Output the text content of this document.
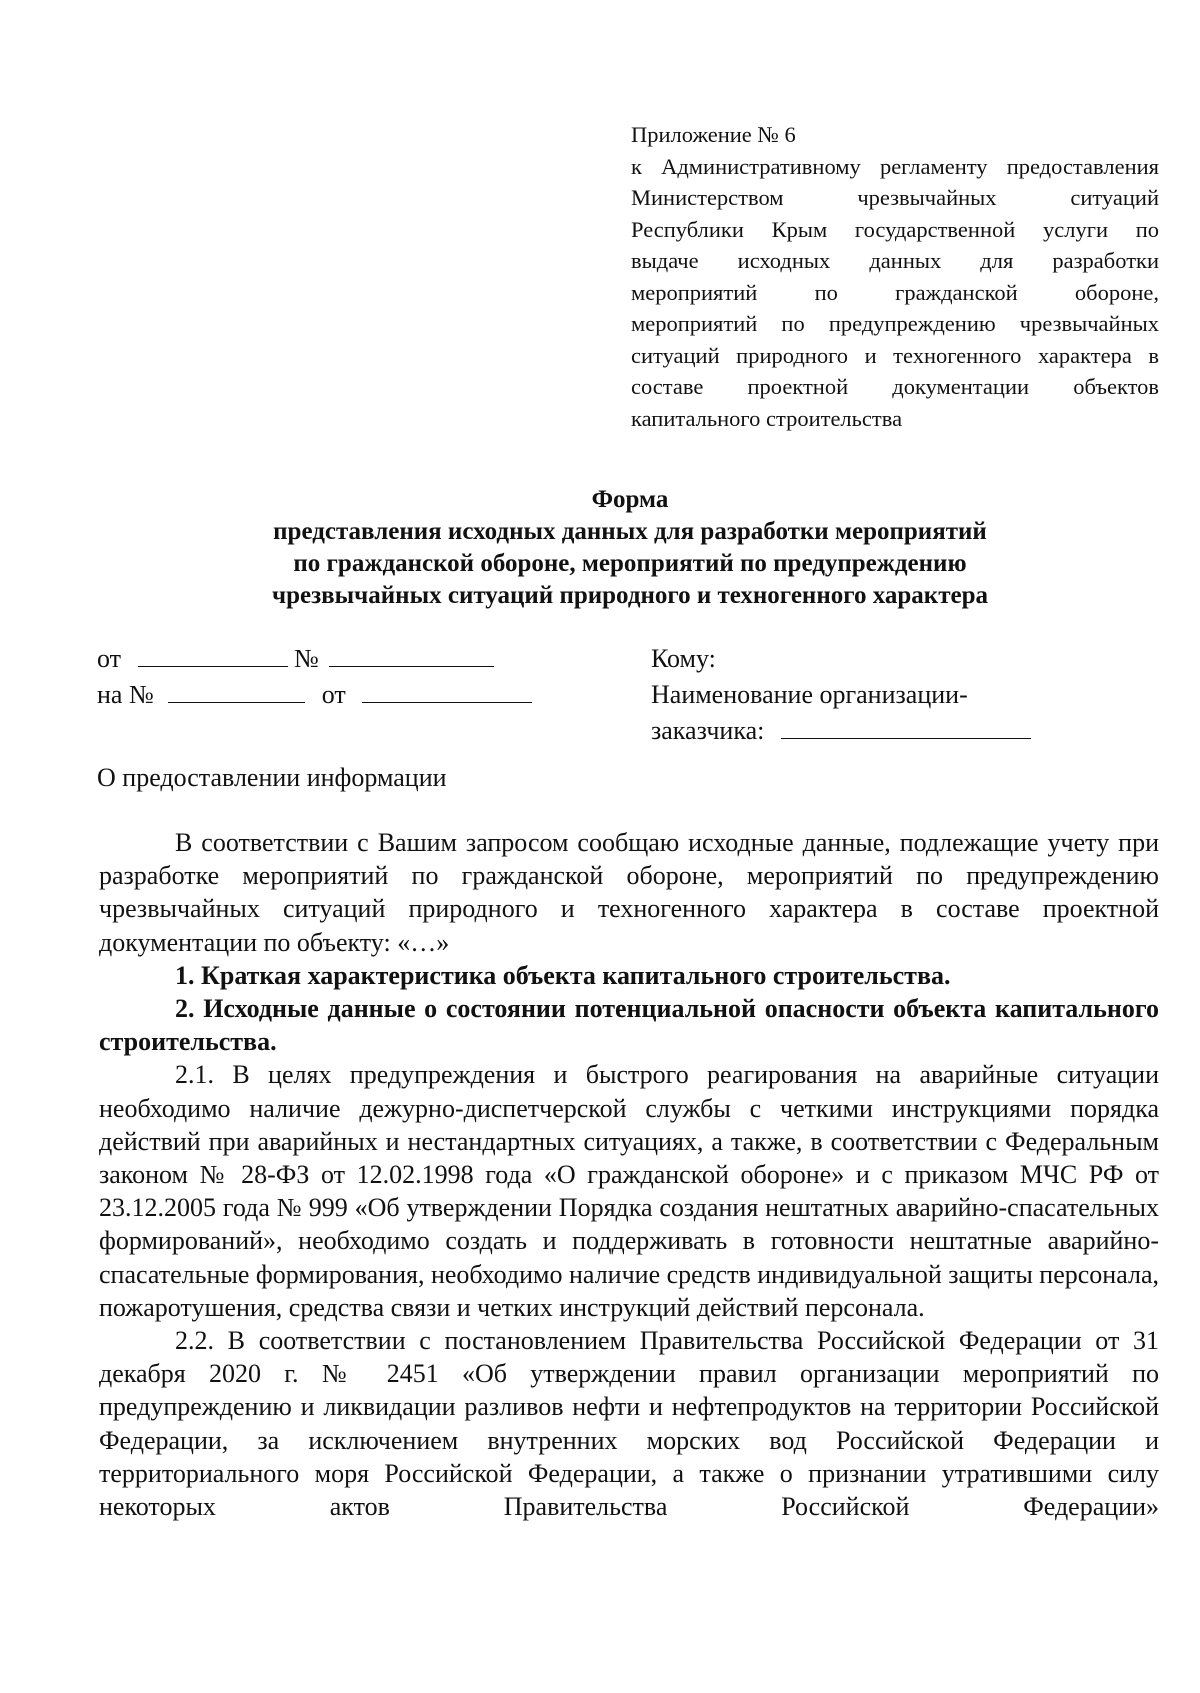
Приложение № 6
к Административному регламенту предоставления
Министерством чрезвычайных ситуаций
Республики Крым государственной услуги по
выдаче исходных данных для разработки
мероприятий по гражданской обороне,
мероприятий по предупреждению чрезвычайных
ситуаций природного и техногенного характера в
составе проектной документации объектов
капитального строительства
Форма
представления исходных данных для разработки мероприятий
по гражданской обороне, мероприятий по предупреждению
чрезвычайных ситуаций природного и техногенного характера
от	№
на №	от
Кому:
Наименование организации-
заказчика:
О предоставлении информации

В соответствии с Вашим запросом сообщаю исходные данные, подлежащие учету при разработке мероприятий по гражданской обороне, мероприятий по предупреждению чрезвычайных ситуаций природного и техногенного характера в составе проектной документации по объекту: «…»

1. Краткая характеристика объекта капитального строительства.

2. Исходные данные о состоянии потенциальной опасности объекта капитального строительства.

2.1. В целях предупреждения и быстрого реагирования на аварийные ситуации необходимо наличие дежурно-диспетчерской службы с четкими инструкциями порядка действий при аварийных и нестандартных ситуациях, а также, в соответствии с Федеральным законом № 28-ФЗ от 12.02.1998 года «О гражданской обороне» и с приказом МЧС РФ от 23.12.2005 года № 999 «Об утверждении Порядка создания нештатных аварийно-спасательных формирований», необходимо создать и поддерживать в готовности нештатные аварийно-спасательные формирования, необходимо наличие средств индивидуальной защиты персонала, пожаротушения, средства связи и четких инструкций действий персонала.

2.2. В соответствии с постановлением Правительства Российской Федерации от 31 декабря 2020 г. № 2451 «Об утверждении правил организации мероприятий по предупреждению и ликвидации разливов нефти и нефтепродуктов на территории Российской Федерации, за исключением внутренних морских вод Российской Федерации и территориального моря Российской Федерации, а также о признании утратившими силу некоторых актов Правительства Российской Федерации»
